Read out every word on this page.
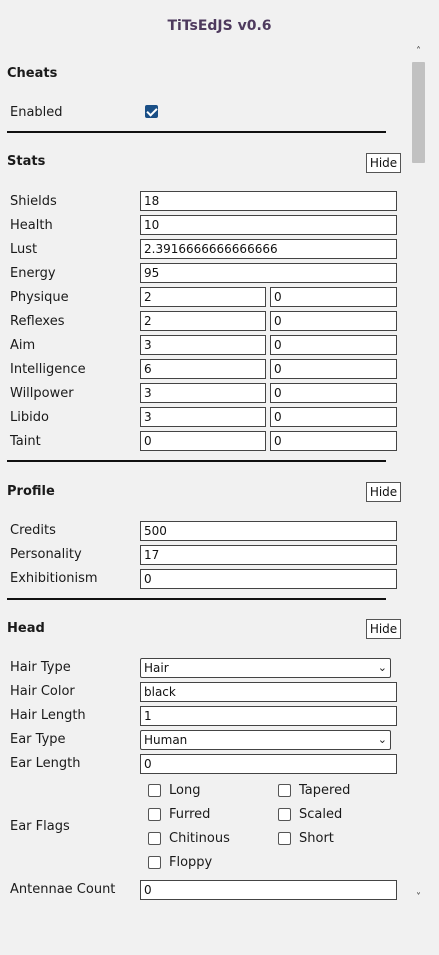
TiTsEdJS v0.6
Cheats
Enabled
Stats	Hide
Shields	18
Health	10
Lust	2.3916666666666666
Energy	95
Physique	2	0
Reflexes	2	0
Aim	3	0
Intelligence	6	0
Willpower	3	0
Libido	3	0
Taint	0	0
Profile	Hide
Credits	500
Personality	17
Exhibitionism	0
Head	Hide
Hair Type	Hair	⌄
Hair Color	black
Hair Length	1
Ear Type	Human	⌄
Ear Length	0
Ear Flags
Long	Tapered
Furred	Scaled
Chitinous	Short
Floppy
Antennae Count	0
˄
˅
